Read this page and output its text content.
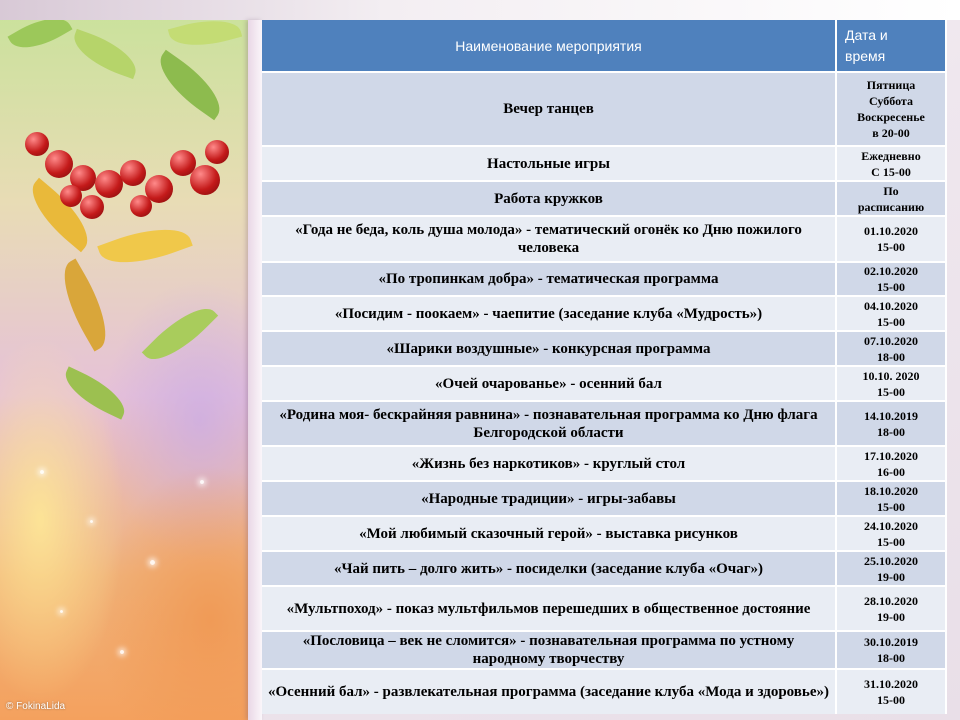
© FokinaLida
Наименование мероприятия	Дата и
время
Вечер танцев	Пятница
Суббота
Воскресенье
в 20-00

Настольные игры	Ежедневно
С 15-00

Работа кружков	По
расписанию

«Года не беда, коль душа молода» - тематический огонёк ко Дню пожилого человека	01.10.2020
15-00

«По тропинкам добра» - тематическая программа	02.10.2020
15-00

«Посидим - поокаем» - чаепитие (заседание клуба «Мудрость»)	04.10.2020
15-00

«Шарики воздушные» - конкурсная программа	07.10.2020
18-00

«Очей очарованье» - осенний бал	10.10. 2020
15-00

«Родина моя- бескрайняя равнина» - познавательная программа ко Дню флага Белгородской области	14.10.2019
18-00

«Жизнь без наркотиков» - круглый стол	17.10.2020
16-00

«Народные традиции» - игры-забавы	18.10.2020
15-00

«Мой любимый сказочный герой» - выставка рисунков	24.10.2020
15-00

«Чай пить – долго жить» - посиделки (заседание клуба «Очаг»)	25.10.2020
19-00

«Мультпоход» - показ мультфильмов перешедших в общественное достояние	28.10.2020
19-00

«Пословица – век не сломится» - познавательная программа по устному народному творчеству	30.10.2019
18-00

«Осенний бал» - развлекательная программа (заседание клуба «Мода и здоровье»)	31.10.2020
15-00
